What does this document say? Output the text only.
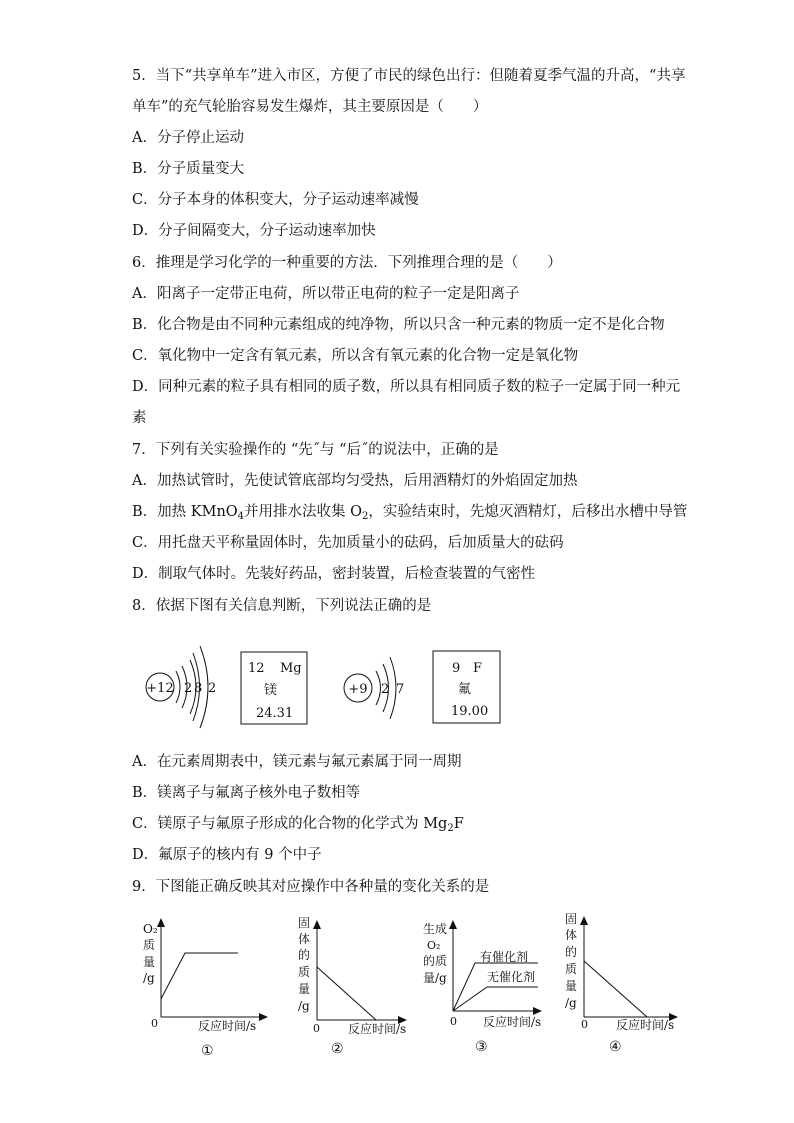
5．当下“共享单车”进入市区，方便了市民的绿色出行：但随着夏季气温的升高，“共享
单车”的充气轮胎容易发生爆炸，其主要原因是（　　）
A．分子停止运动
B．分子质量变大
C．分子本身的体积变大，分子运动速率减慢
D．分子间隔变大，分子运动速率加快
6．推理是学习化学的一种重要的方法．下列推理合理的是（　　）
A．阳离子一定带正电荷，所以带正电荷的粒子一定是阳离子
B．化合物是由不同种元素组成的纯净物，所以只含一种元素的物质一定不是化合物
C．氧化物中一定含有氧元素，所以含有氧元素的化合物一定是氧化物
D．同种元素的粒子具有相同的质子数，所以具有相同质子数的粒子一定属于同一种元
素
7．下列有关实验操作的 “先˝与 “后˝的说法中，正确的是
A．加热试管时，先使试管底部均匀受热，后用酒精灯的外焰固定加热
B．加热 KMnO$_4$并用排水法收集 $O_2$，实验结束时，先熄灭酒精灯，后移出水槽中导管
C．用托盘天平称量固体时，先加质量小的砝码，后加质量大的砝码
D．制取气体时。先装好药品，密封装置，后检查装置的气密性
8．依据下图有关信息判断，下列说法正确的是
+12 2 8 2
12 Mg
镁
24.31
+9 2 7
9 F
氟
19.00
A．在元素周期表中，镁元素与氟元素属于同一周期
B．镁离子与氟离子核外电子数相等
C．镁原子与氟原子形成的化合物的化学式为 $Mg_2F$
D．氟原子的核内有 9 个中子
9．下图能正确反映其对应操作中各种量的变化关系的是
O₂
质
量
/g
0	反应时间/s
①
固
体
的
质
量
/g
0 反应时间/s
②
生成
O₂
的质
量/g
有催化剂
无催化剂
0 反应时间/s
③
固
体
的
质
量
/g
0 反应时间/s
④
